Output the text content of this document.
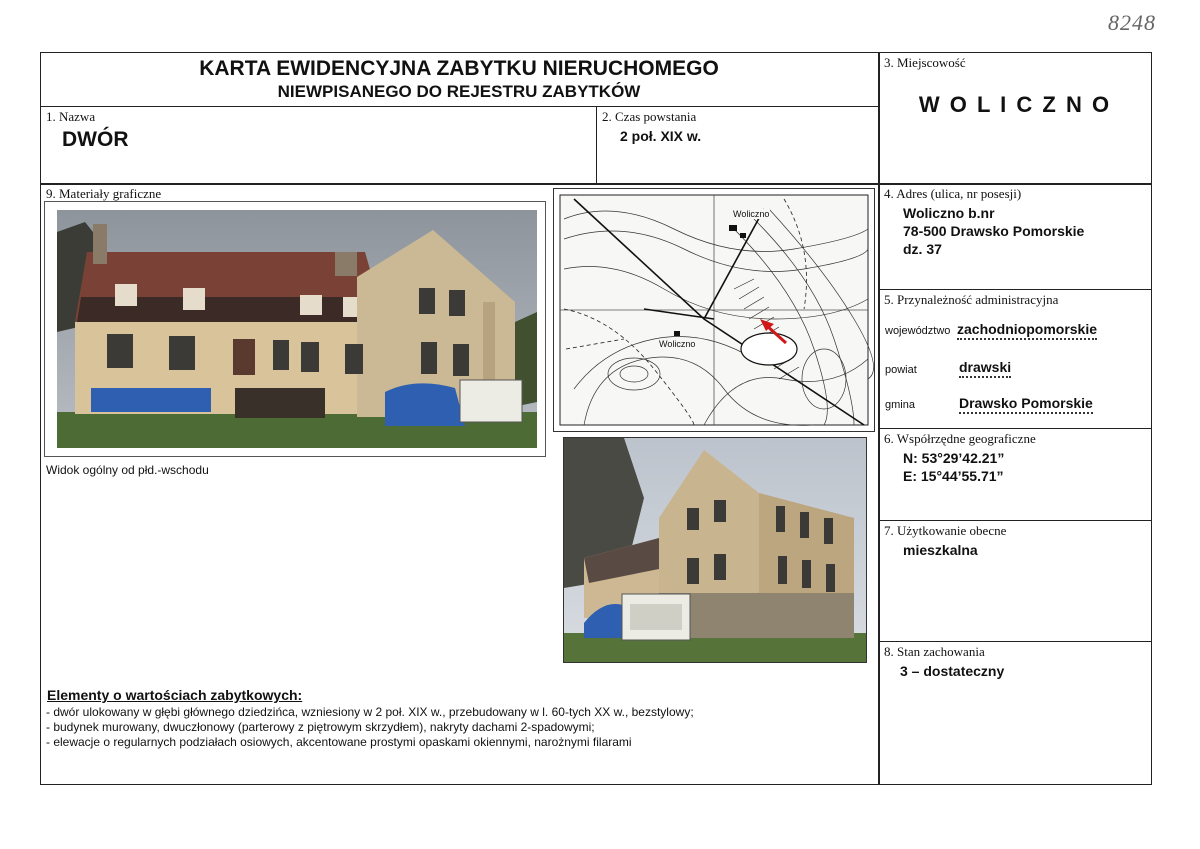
8248
KARTA EWIDENCYJNA ZABYTKU NIERUCHOMEGO
NIEWPISANEGO DO REJESTRU ZABYTKÓW
1. Nazwa
DWÓR
2. Czas powstania
2 poł. XIX w.
3. Miejscowość
W O L I C Z N O
4. Adres (ulica, nr posesji)
Woliczno b.nr
78-500 Drawsko Pomorskie
dz. 37
5. Przynależność administracyjna
województwo zachodniopomorskie
powiat	drawski
gmina	Drawsko Pomorskie
6. Współrzędne geograficzne
N: 53°29’42.21”
E: 15°44’55.71”
7. Użytkowanie obecne
mieszkalna
8. Stan zachowania
3 – dostateczny
9. Materiały graficzne
Widok ogólny od płd.-wschodu
Woliczno
Woliczno
Elementy o wartościach zabytkowych:
- dwór ulokowany w głębi głównego dziedzińca, wzniesiony w 2 poł. XIX w., przebudowany w l. 60-tych XX w., bezstylowy;
- budynek murowany, dwuczłonowy (parterowy z piętrowym skrzydłem), nakryty dachami 2-spadowymi;
- elewacje o regularnych podziałach osiowych, akcentowane prostymi opaskami okiennymi, narożnymi filarami
